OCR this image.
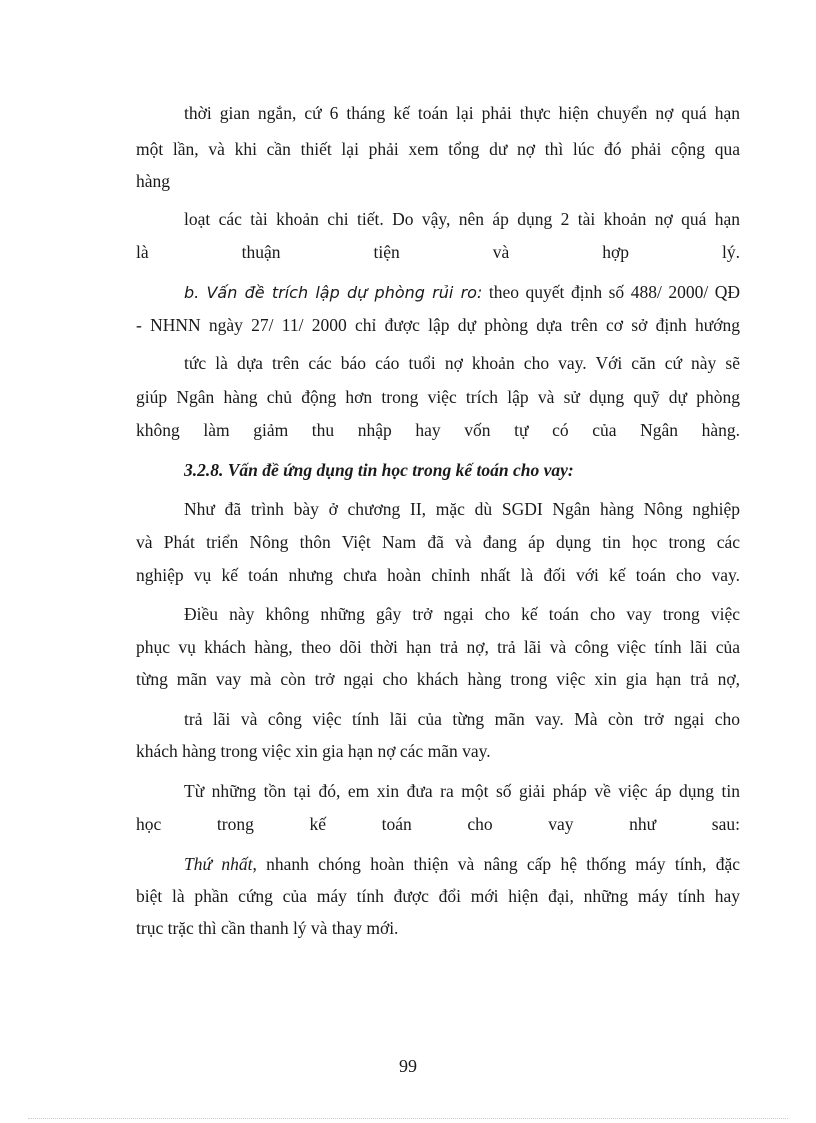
thời gian ngắn, cứ 6 tháng kế toán lại phải thực hiện chuyển nợ quá hạn
một lần, và khi cần thiết lại phải xem tổng dư nợ thì lúc đó phải cộng qua
hàng
loạt các tài khoản chi tiết. Do vậy, nên áp dụng 2 tài khoản nợ quá hạn
là thuận tiện và hợp lý.
b. Vấn đề trích lập dự phòng rủi ro: theo quyết định số 488/ 2000/ QĐ
- NHNN ngày 27/ 11/ 2000 chỉ được lập dự phòng dựa trên cơ sở định hướng
tức là dựa trên các báo cáo tuổi nợ khoản cho vay. Với căn cứ này sẽ
giúp Ngân hàng chủ động hơn trong việc trích lập và sử dụng quỹ dự phòng
không làm giảm thu nhập hay vốn tự có của Ngân hàng.
3.2.8. Vấn đề ứng dụng tin học trong kế toán cho vay:
Như đã trình bày ở chương II, mặc dù SGDI Ngân hàng Nông nghiệp
và Phát triển Nông thôn Việt Nam đã và đang áp dụng tin học trong các
nghiệp vụ kế toán nhưng chưa hoàn chỉnh nhất là đối với kế toán cho vay.
Điều này không những gây trở ngại cho kế toán cho vay trong việc
phục vụ khách hàng, theo dõi thời hạn trả nợ, trả lãi và công việc tính lãi của
từng mãn vay mà còn trở ngại cho khách hàng trong việc xin gia hạn trả nợ,
trả lãi và công việc tính lãi của từng mãn vay. Mà còn trở ngại cho
khách hàng trong việc xin gia hạn nợ các mãn vay.
Từ những tồn tại đó, em xin đưa ra một số giải pháp về việc áp dụng tin
học trong kế toán cho vay như sau:
Thứ nhất, nhanh chóng hoàn thiện và nâng cấp hệ thống máy tính, đặc
biệt là phần cứng của máy tính được đổi mới hiện đại, những máy tính hay
trục trặc thì cần thanh lý và thay mới.
99
